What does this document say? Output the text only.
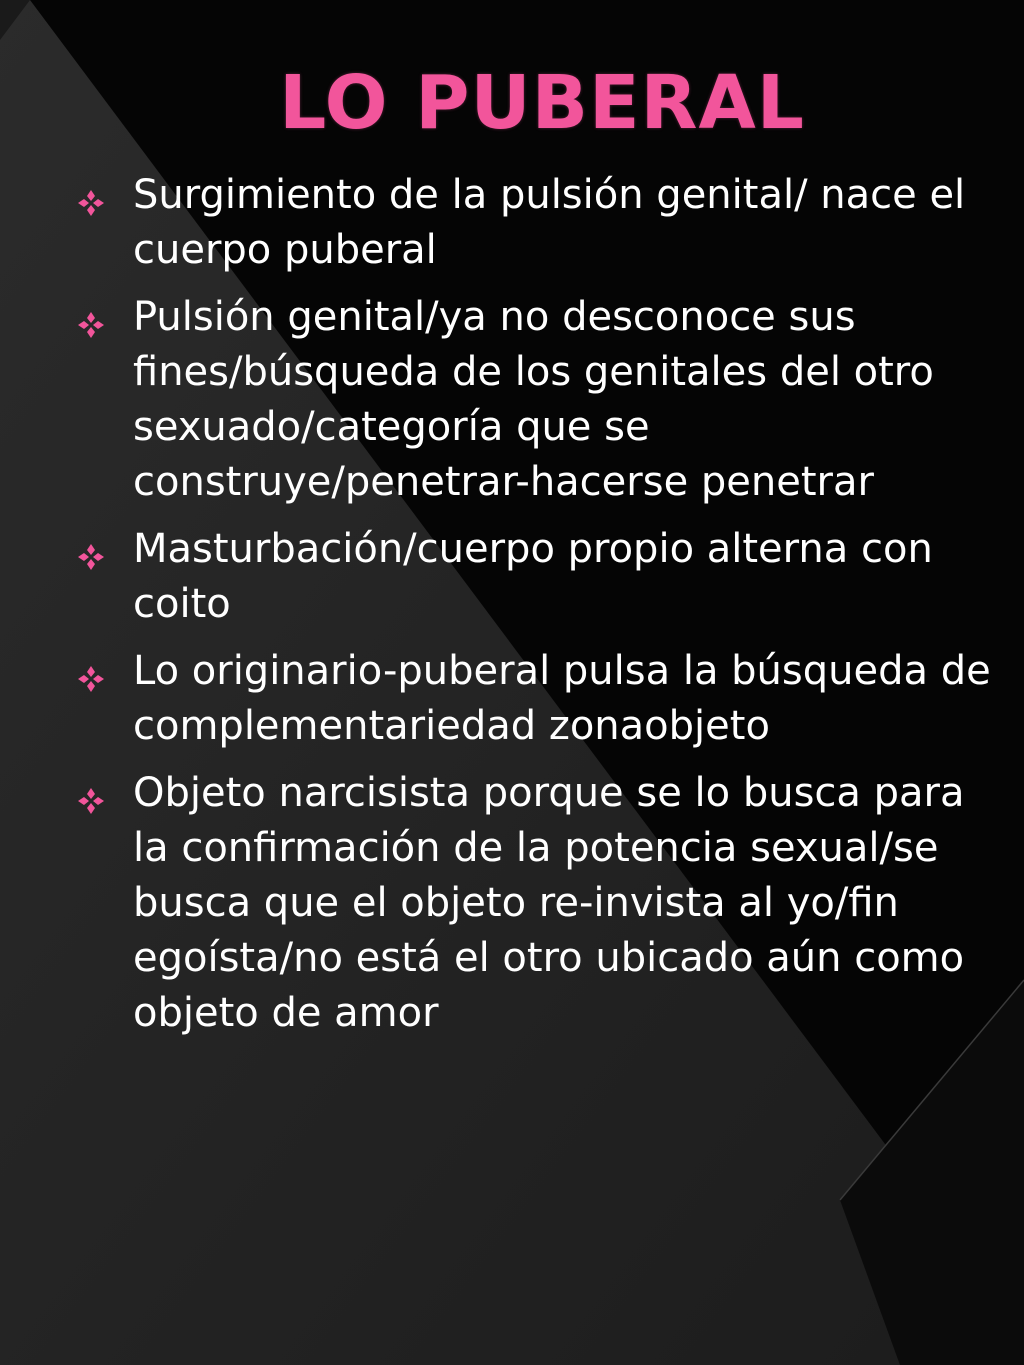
LO PUBERAL
Surgimiento de la pulsión genital/ nace el cuerpo puberal
Pulsión genital/ya no desconoce sus fines/búsqueda de los genitales del otro sexuado/categoría que se construye/penetrar-hacerse penetrar
Masturbación/cuerpo propio alterna con coito
Lo originario-puberal pulsa la búsqueda de complementariedad zonaobjeto
Objeto narcisista porque se lo busca para la confirmación de la potencia sexual/se busca que el objeto re-invista al yo/fin egoísta/no está el otro ubicado aún como objeto de amor
